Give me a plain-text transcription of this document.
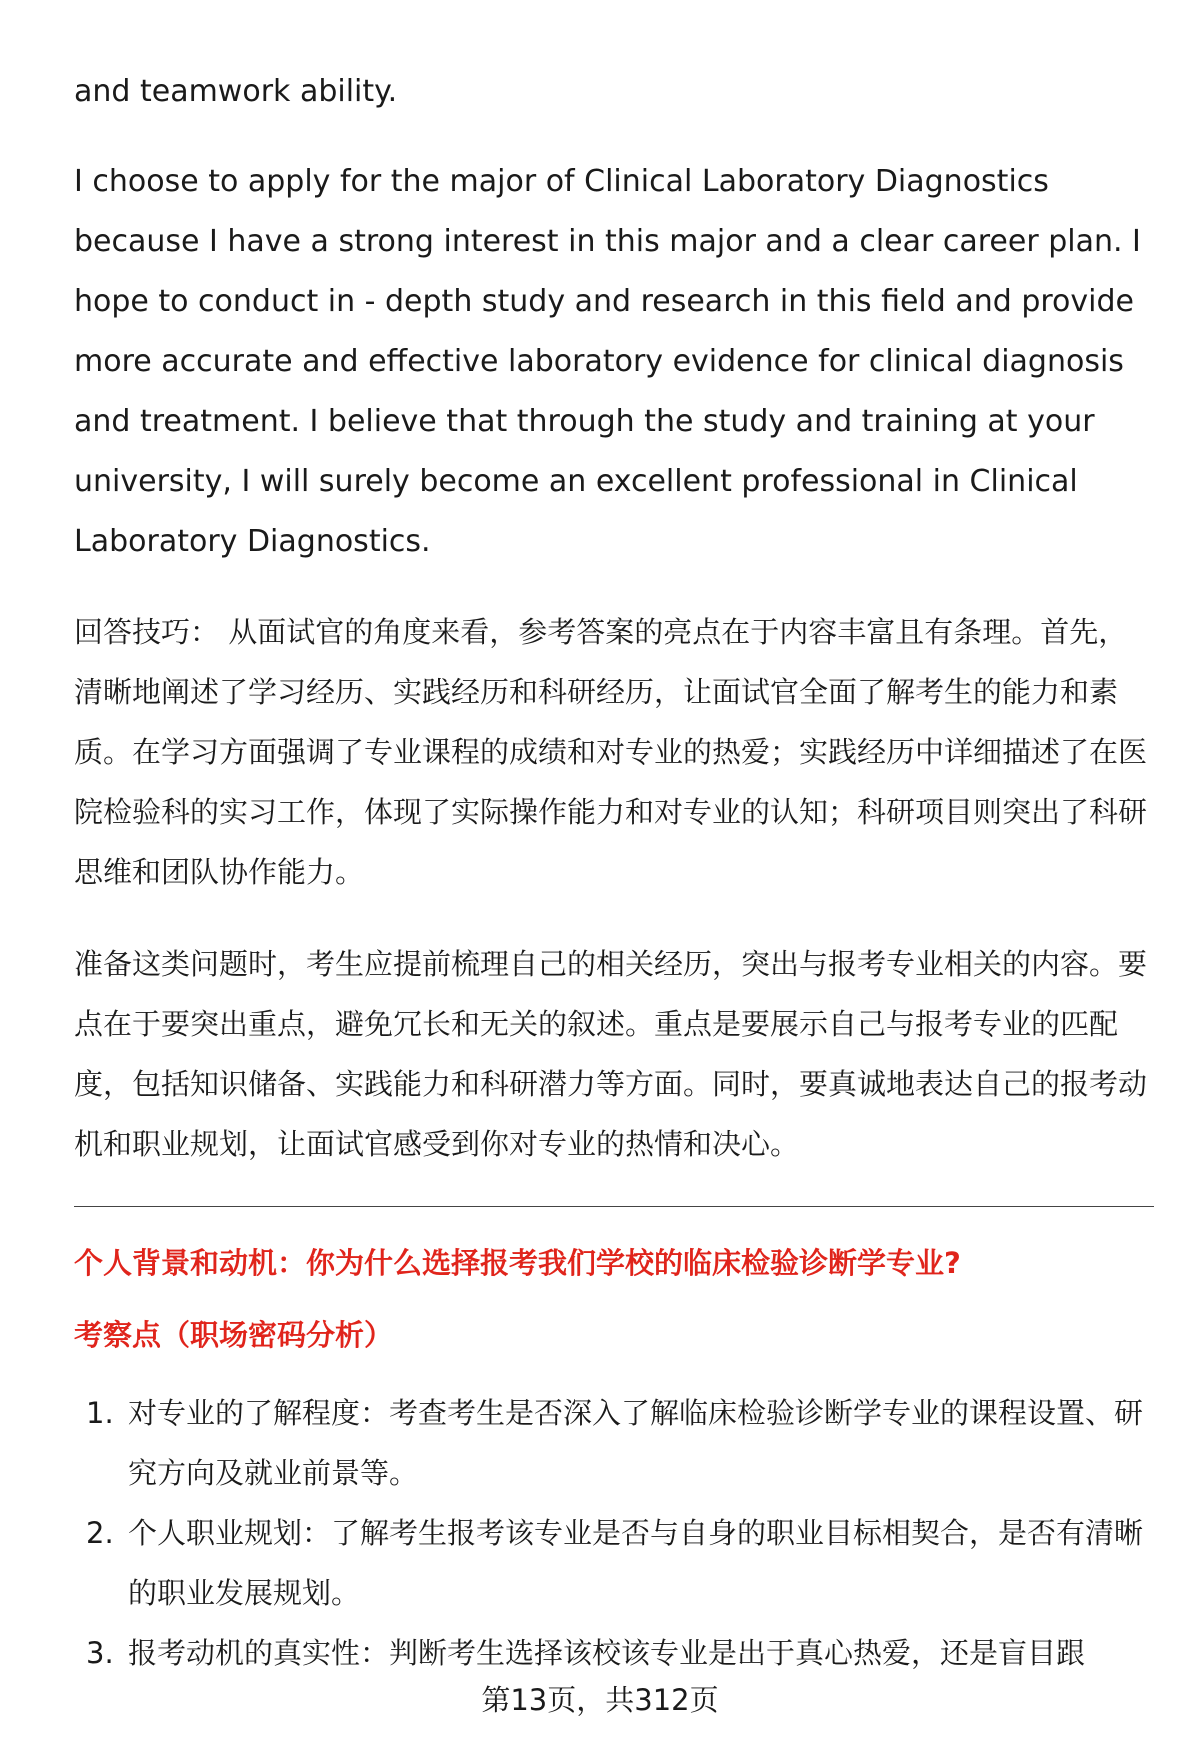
and teamwork ability.

I choose to apply for the major of Clinical Laboratory Diagnostics because I have a strong interest in this major and a clear career plan. I hope to conduct in - depth study and research in this field and provide more accurate and effective laboratory evidence for clinical diagnosis and treatment. I believe that through the study and training at your university, I will surely become an excellent professional in Clinical Laboratory Diagnostics.

回答技巧： 从面试官的角度来看，参考答案的亮点在于内容丰富且有条理。首先，清晰地阐述了学习经历、实践经历和科研经历，让面试官全面了解考生的能力和素质。在学习方面强调了专业课程的成绩和对专业的热爱；实践经历中详细描述了在医院检验科的实习工作，体现了实际操作能力和对专业的认知；科研项目则突出了科研思维和团队协作能力。

准备这类问题时，考生应提前梳理自己的相关经历，突出与报考专业相关的内容。要点在于要突出重点，避免冗长和无关的叙述。重点是要展示自己与报考专业的匹配度，包括知识储备、实践能力和科研潜力等方面。同时，要真诚地表达自己的报考动机和职业规划，让面试官感受到你对专业的热情和决心。

个人背景和动机：你为什么选择报考我们学校的临床检验诊断学专业?

考察点（职场密码分析）

1. 对专业的了解程度：考查考生是否深入了解临床检验诊断学专业的课程设置、研究方向及就业前景等。
2. 个人职业规划：了解考生报考该专业是否与自身的职业目标相契合，是否有清晰的职业发展规划。
3. 报考动机的真实性：判断考生选择该校该专业是出于真心热爱，还是盲目跟
第13页，共312页
